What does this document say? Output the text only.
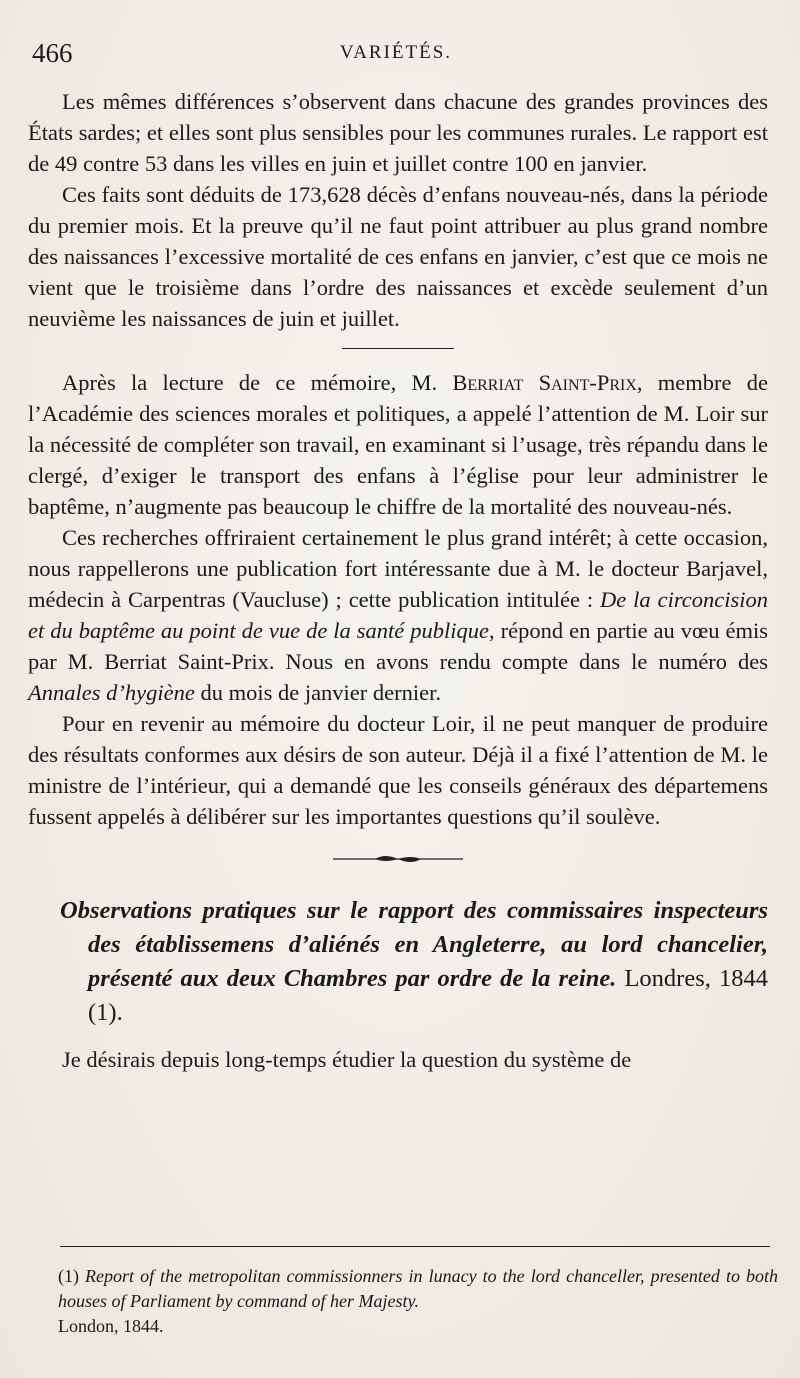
466	VARIÉTÉS.

Les mêmes différences s’observent dans chacune des grandes provinces des États sardes; et elles sont plus sensibles pour les communes rurales. Le rapport est de 49 contre 53 dans les villes en juin et juillet contre 100 en janvier.

Ces faits sont déduits de 173,628 décès d’enfans nouveau-nés, dans la période du premier mois. Et la preuve qu’il ne faut point attribuer au plus grand nombre des naissances l’excessive mortalité de ces enfans en janvier, c’est que ce mois ne vient que le troisième dans l’ordre des naissances et excède seulement d’un neuvième les naissances de juin et juillet.

Après la lecture de ce mémoire, M. Berriat Saint-Prix, membre de l’Académie des sciences morales et politiques, a appelé l’attention de M. Loir sur la nécessité de compléter son travail, en examinant si l’usage, très répandu dans le clergé, d’exiger le transport des enfans à l’église pour leur administrer le baptême, n’augmente pas beaucoup le chiffre de la mortalité des nouveau-nés.

Ces recherches offriraient certainement le plus grand intérêt; à cette occasion, nous rappellerons une publication fort intéressante due à M. le docteur Barjavel, médecin à Carpentras (Vaucluse) ; cette publication intitulée : De la circoncision et du baptême au point de vue de la santé publique, répond en partie au vœu émis par M. Berriat Saint-Prix. Nous en avons rendu compte dans le numéro des Annales d’hygiène du mois de janvier dernier.

Pour en revenir au mémoire du docteur Loir, il ne peut manquer de produire des résultats conformes aux désirs de son auteur. Déjà il a fixé l’attention de M. le ministre de l’intérieur, qui a demandé que les conseils généraux des départemens fussent appelés à délibérer sur les importantes questions qu’il soulève.

Observations pratiques sur le rapport des commissaires inspecteurs des établissemens d’aliénés en Angleterre, au lord chancelier, présenté aux deux Chambres par ordre de la reine. Londres, 1844 (1).

Je désirais depuis long-temps étudier la question du système de

(1) Report of the metropolitan commissionners in lunacy to the lord chanceller, presented to both houses of Parliament by command of her Majesty.
London, 1844.
